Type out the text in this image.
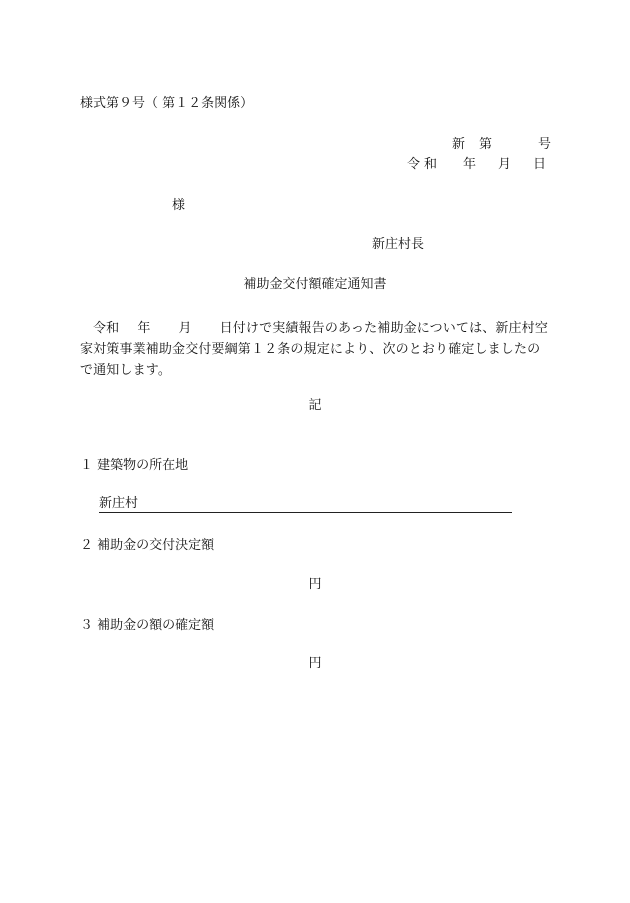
様式第９号（ 第１２条関係）
新 第	号
令和 年 月 日
様
新庄村長
補助金交付額確定通知書
令和 年 月 日付けで実績報告のあった補助金については、新庄村空家対策事業補助金交付要綱第１２条の規定により、次のとおり確定しましたので通知します。
記
１ 建築物の所在地
新庄村
２ 補助金の交付決定額
円
３ 補助金の額の確定額
円
